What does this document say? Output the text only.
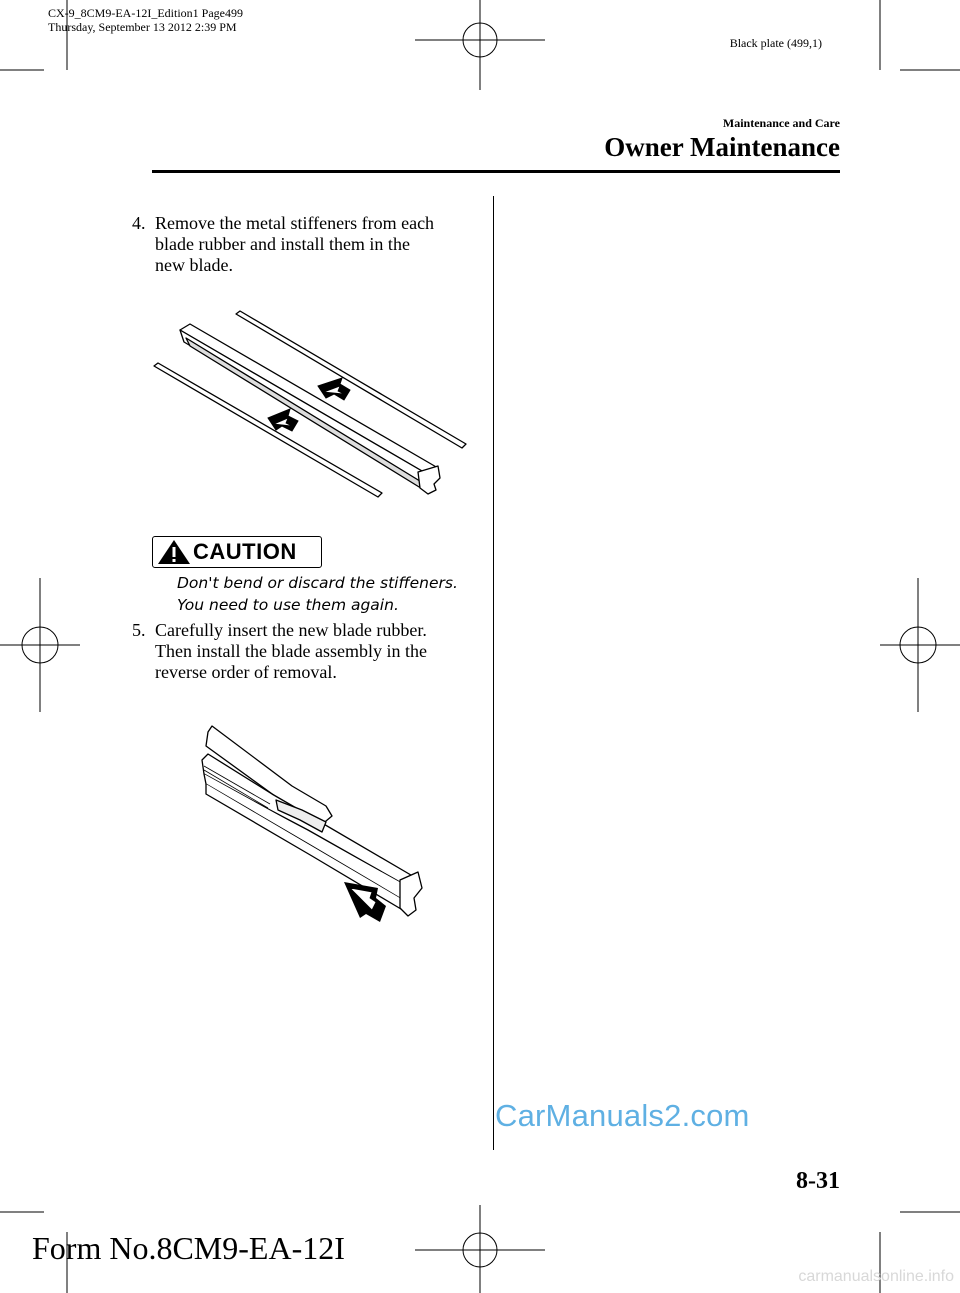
CX-9_8CM9-EA-12I_Edition1 Page499
Thursday, September 13 2012 2:39 PM
Black plate (499,1)
Maintenance and Care
Owner Maintenance
4. Remove the metal stiffeners from each
blade rubber and install them in the
new blade.
CAUTION
Don't bend or discard the stiffeners.
You need to use them again.
5. Carefully insert the new blade rubber.
Then install the blade assembly in the
reverse order of removal.
CarManuals2.com
8-31
Form No.8CM9-EA-12I
carmanualsonline.info
